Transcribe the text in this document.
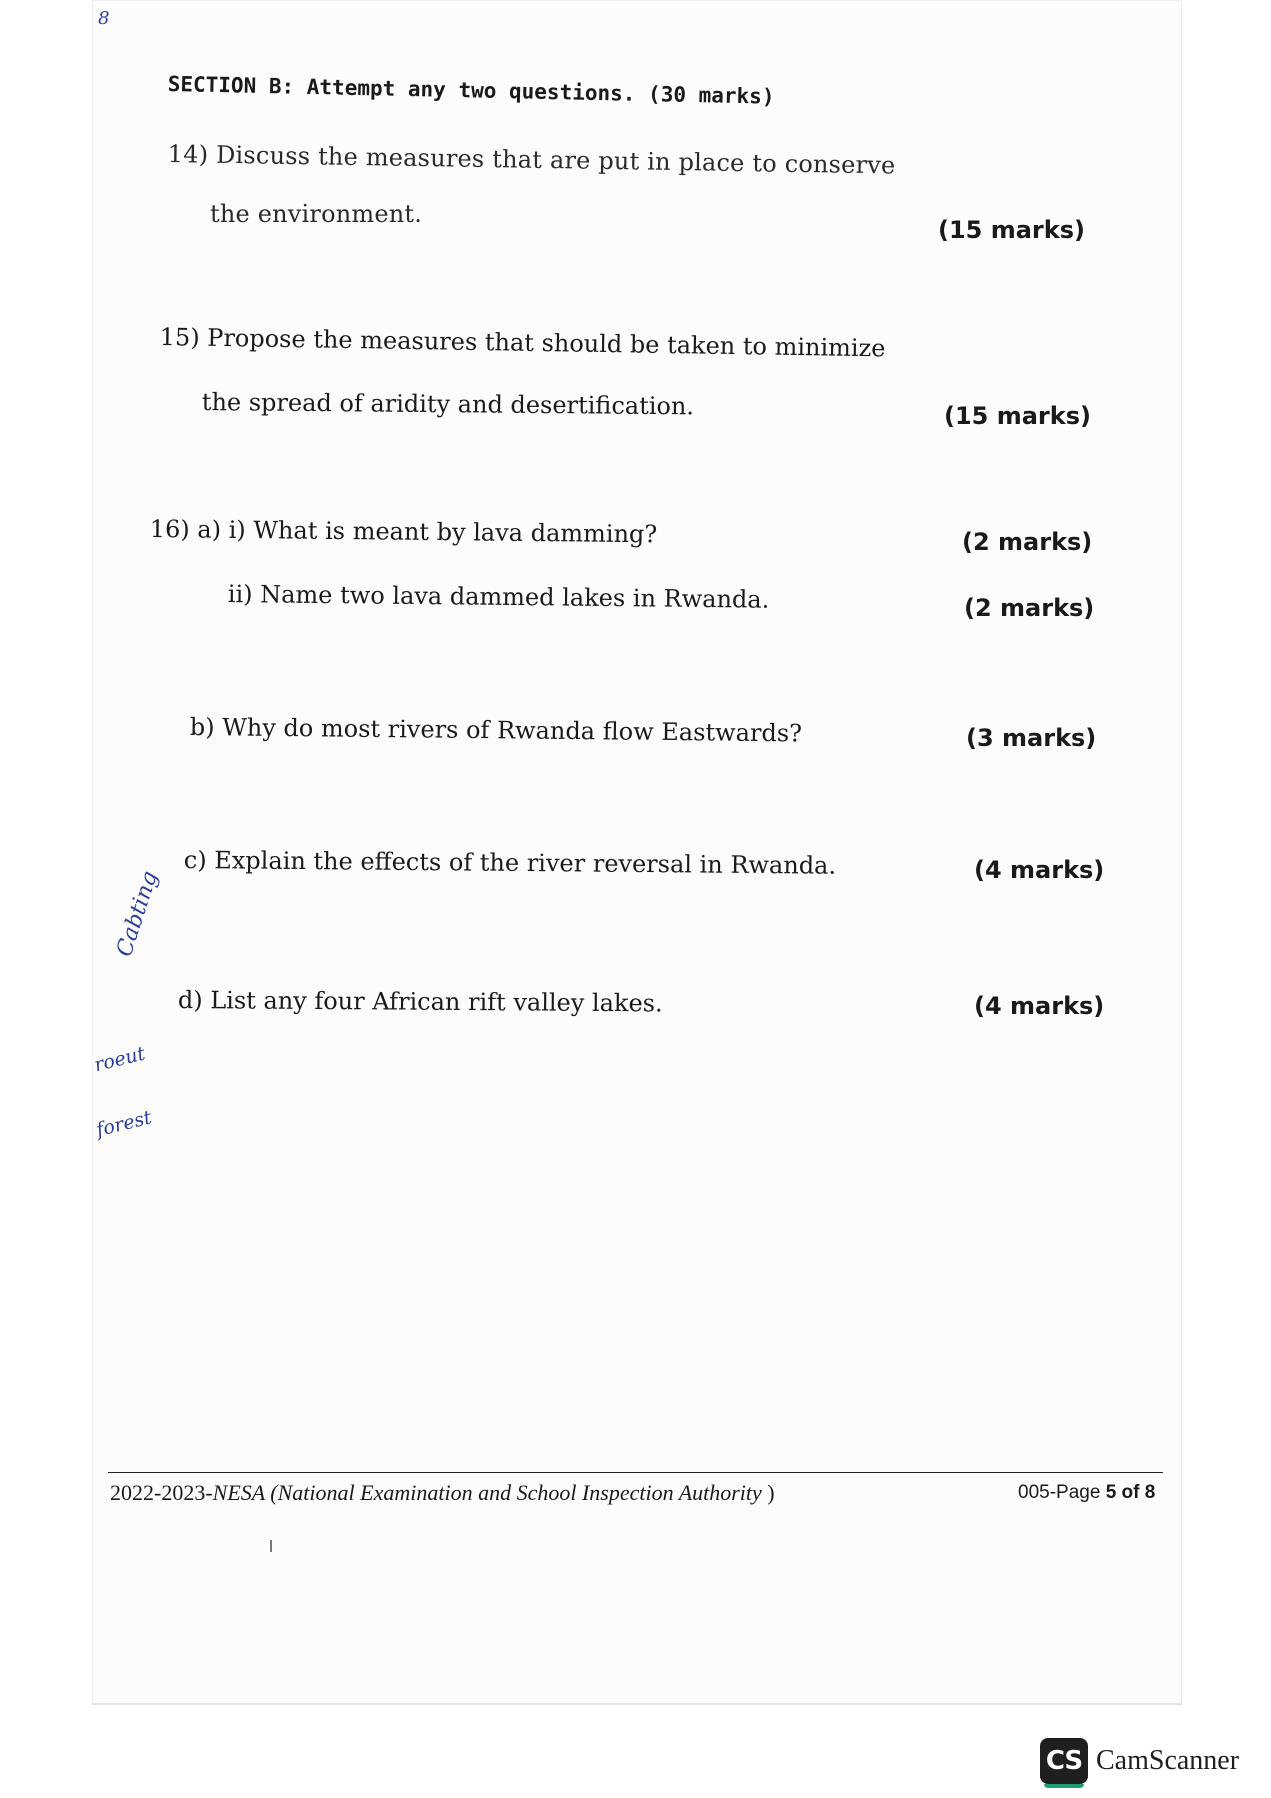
8
SECTION B: Attempt any two questions. (30 marks)
14) Discuss the measures that are put in place to conserve
the environment.
(15 marks)
15) Propose the measures that should be taken to minimize
the spread of aridity and desertification.	(15 marks)
16) a) i) What is meant by lava damming?	(2 marks)
ii) Name two lava dammed lakes in Rwanda.	(2 marks)
b) Why do most rivers of Rwanda flow Eastwards?	(3 marks)
c) Explain the effects of the river reversal in Rwanda.	(4 marks)
d) List any four African rift valley lakes.	(4 marks)
Cabting
roeut
forest
2022-2023-NESA (National Examination and School Inspection Authority )	005-Page 5 of 8
CS CamScanner
